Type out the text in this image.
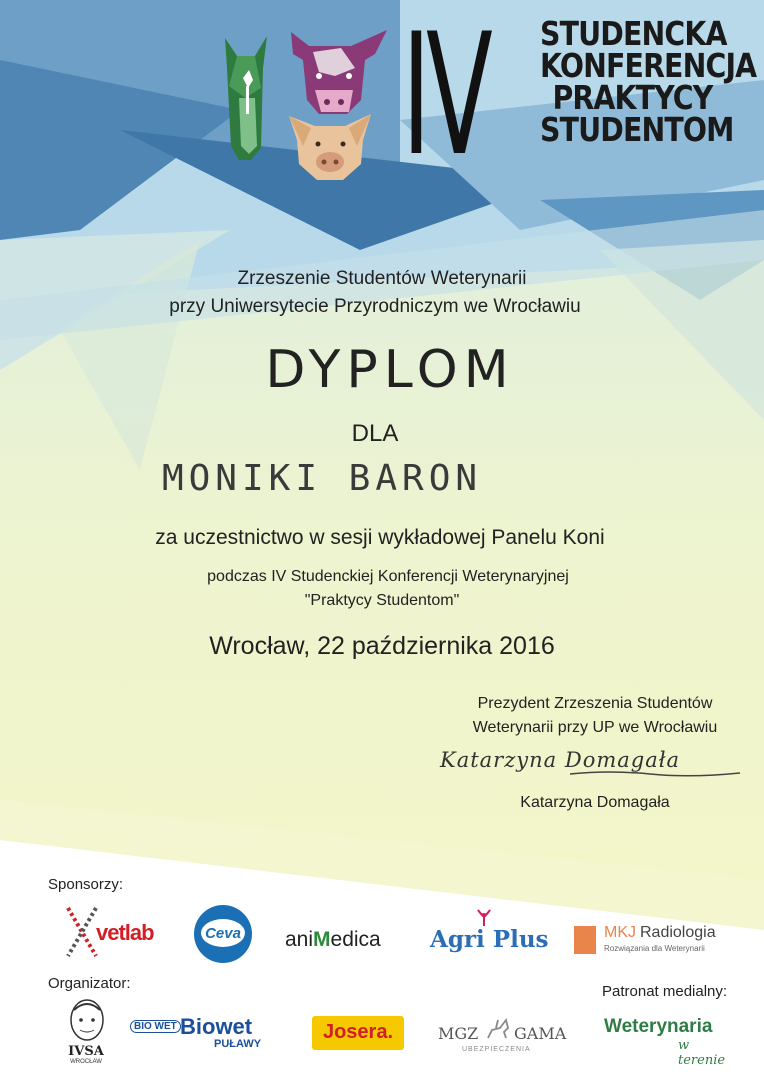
IV STUDENCKA
KONFERENCJA
PRAKTYCY
STUDENTOM
Zrzeszenie Studentów Weterynarii
przy Uniwersytecie Przyrodniczym we Wrocławiu
DYPLOM
DLA
MONIKI BARON
za uczestnictwo w sesji wykładowej Panelu Koni
podczas IV Studenckiej Konferencji Weterynaryjnej
"Praktycy Studentom"
Wrocław, 22 października 2016
Prezydent Zrzeszenia Studentów
Weterynarii przy UP we Wrocławiu
Katarzyna Domagała
Katarzyna Domagała
Sponsorzy:
vetlab	Ceva	aniMedica Agri Plus	MKJ Radiologia
Rozwiązania dla Weterynarii
Organizator:	Patronat medialny:
IVSA
WROCŁAW
BIO WET Biowet
PUŁAWY
Josera.	MGZ GAMA
UBEZPIECZENIA
Weterynaria
w terenie
